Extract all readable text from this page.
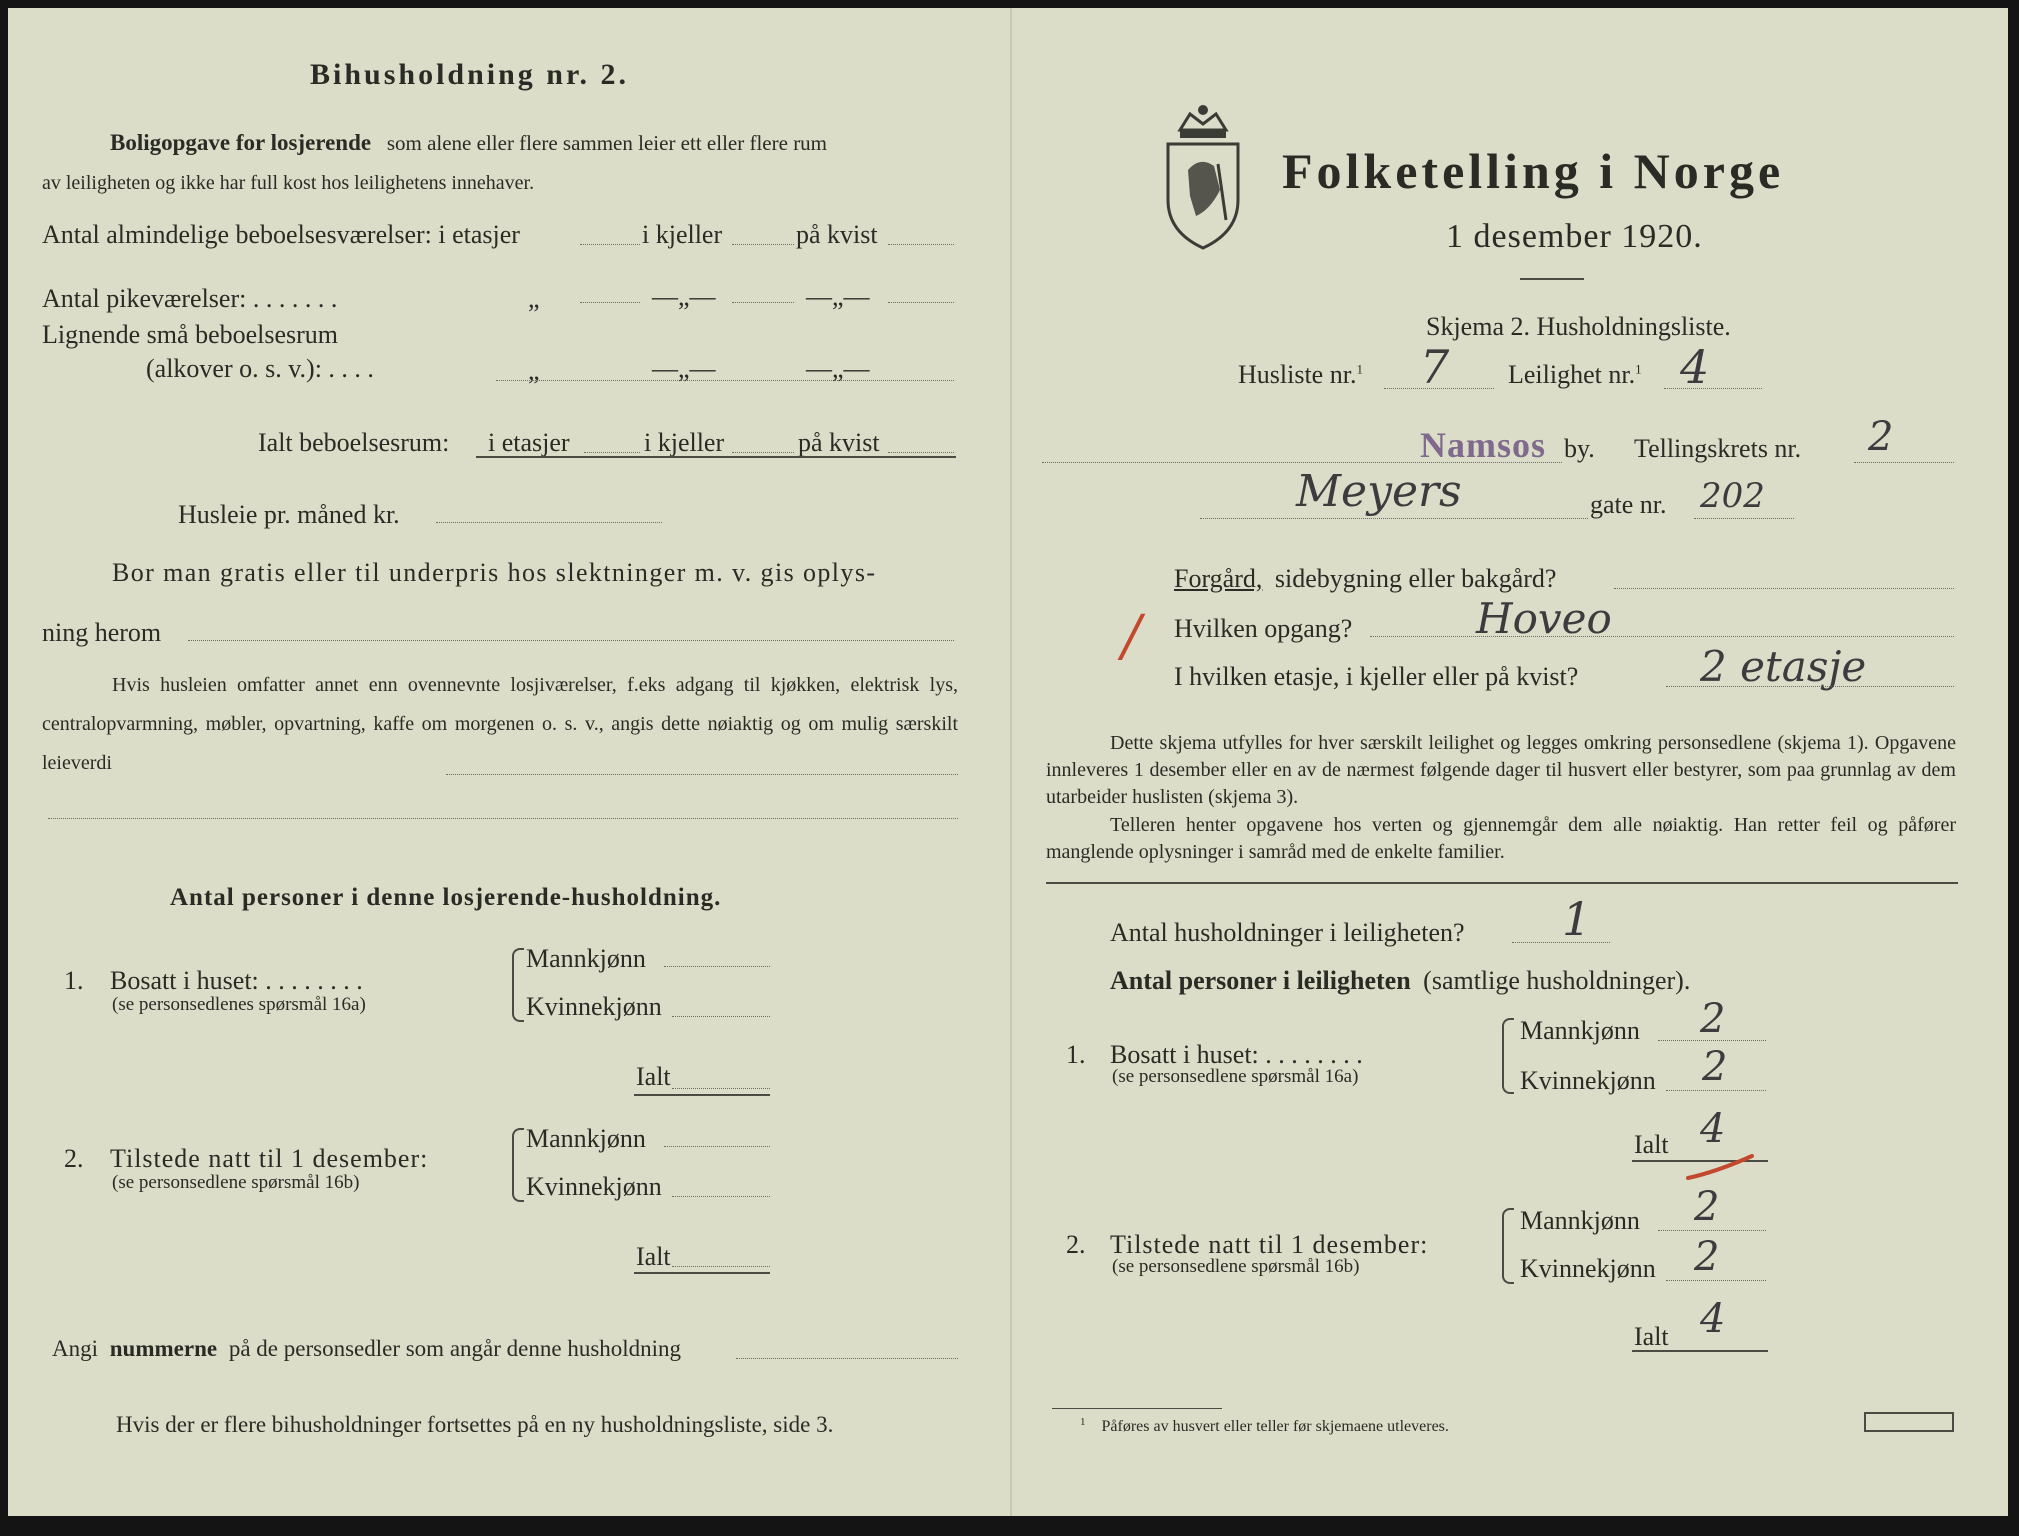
Bihusholdning nr. 2.
Boligopgave for losjerende som alene eller flere sammen leier ett eller flere rum
av leiligheten og ikke har full kost hos leilighetens innehaver.
Antal almindelige beboelsesværelser: i etasjer	i kjeller	på kvist
Antal pikeværelser: . . . . . . .	„	—„—	—„—
Lignende små beboelsesrum
(alkover o. s. v.): . . . .	„	—„—	—„—
Ialt beboelsesrum: i etasjer	i kjeller	på kvist
Husleie pr. måned kr.
Bor man gratis eller til underpris hos slektninger m. v. gis oplys-
ning herom
Hvis husleien omfatter annet enn ovennevnte losjiværelser, f.eks adgang til kjøkken, elektrisk lys, centralopvarmning, møbler, opvartning, kaffe om morgenen o. s. v., angis dette nøiaktig og om mulig særskilt leieverdi
Antal personer i denne losjerende-husholdning.
1. Bosatt i huset: . . . . . . . .
(se personsedlenes spørsmål 16a)
Mannkjønn
Kvinnekjønn
Ialt
2. Tilstede natt til 1 desember:
(se personsedlene spørsmål 16b)
Mannkjønn
Kvinnekjønn
Ialt
Angi nummerne på de personsedler som angår denne husholdning
Hvis der er flere bihusholdninger fortsettes på en ny husholdningsliste, side 3.
Folketelling i Norge
1 desember 1920.
Skjema 2. Husholdningsliste.
Husliste nr.$^1$ 7 Leilighet nr.$^1$ 4
Namsos by. Tellingskrets nr. 2
Meyers	gate nr. 202
Forgård, sidebygning eller bakgård?
/ Hvilken opgang?	Hoveo
I hvilken etasje, i kjeller eller på kvist?	2 etasje
Dette skjema utfylles for hver særskilt leilighet og legges omkring personsedlene (skjema 1). Opgavene innleveres 1 desember eller en av de nærmest følgende dager til husvert eller bestyrer, som paa grunnlag av dem utarbeider huslisten (skjema 3).
Telleren henter opgavene hos verten og gjennemgår dem alle nøiaktig. Han retter feil og påfører manglende oplysninger i samråd med de enkelte familier.
Antal husholdninger i leiligheten? 1
Antal personer i leiligheten (samtlige husholdninger).
1. Bosatt i huset: . . . . . . . .
(se personsedlene spørsmål 16a)
Mannkjønn 2
Kvinnekjønn 2
Ialt 4
2. Tilstede natt til 1 desember:
(se personsedlene spørsmål 16b)
Mannkjønn 2
Kvinnekjønn 2
Ialt 4
$^1$ Påføres av husvert eller teller før skjemaene utleveres.
